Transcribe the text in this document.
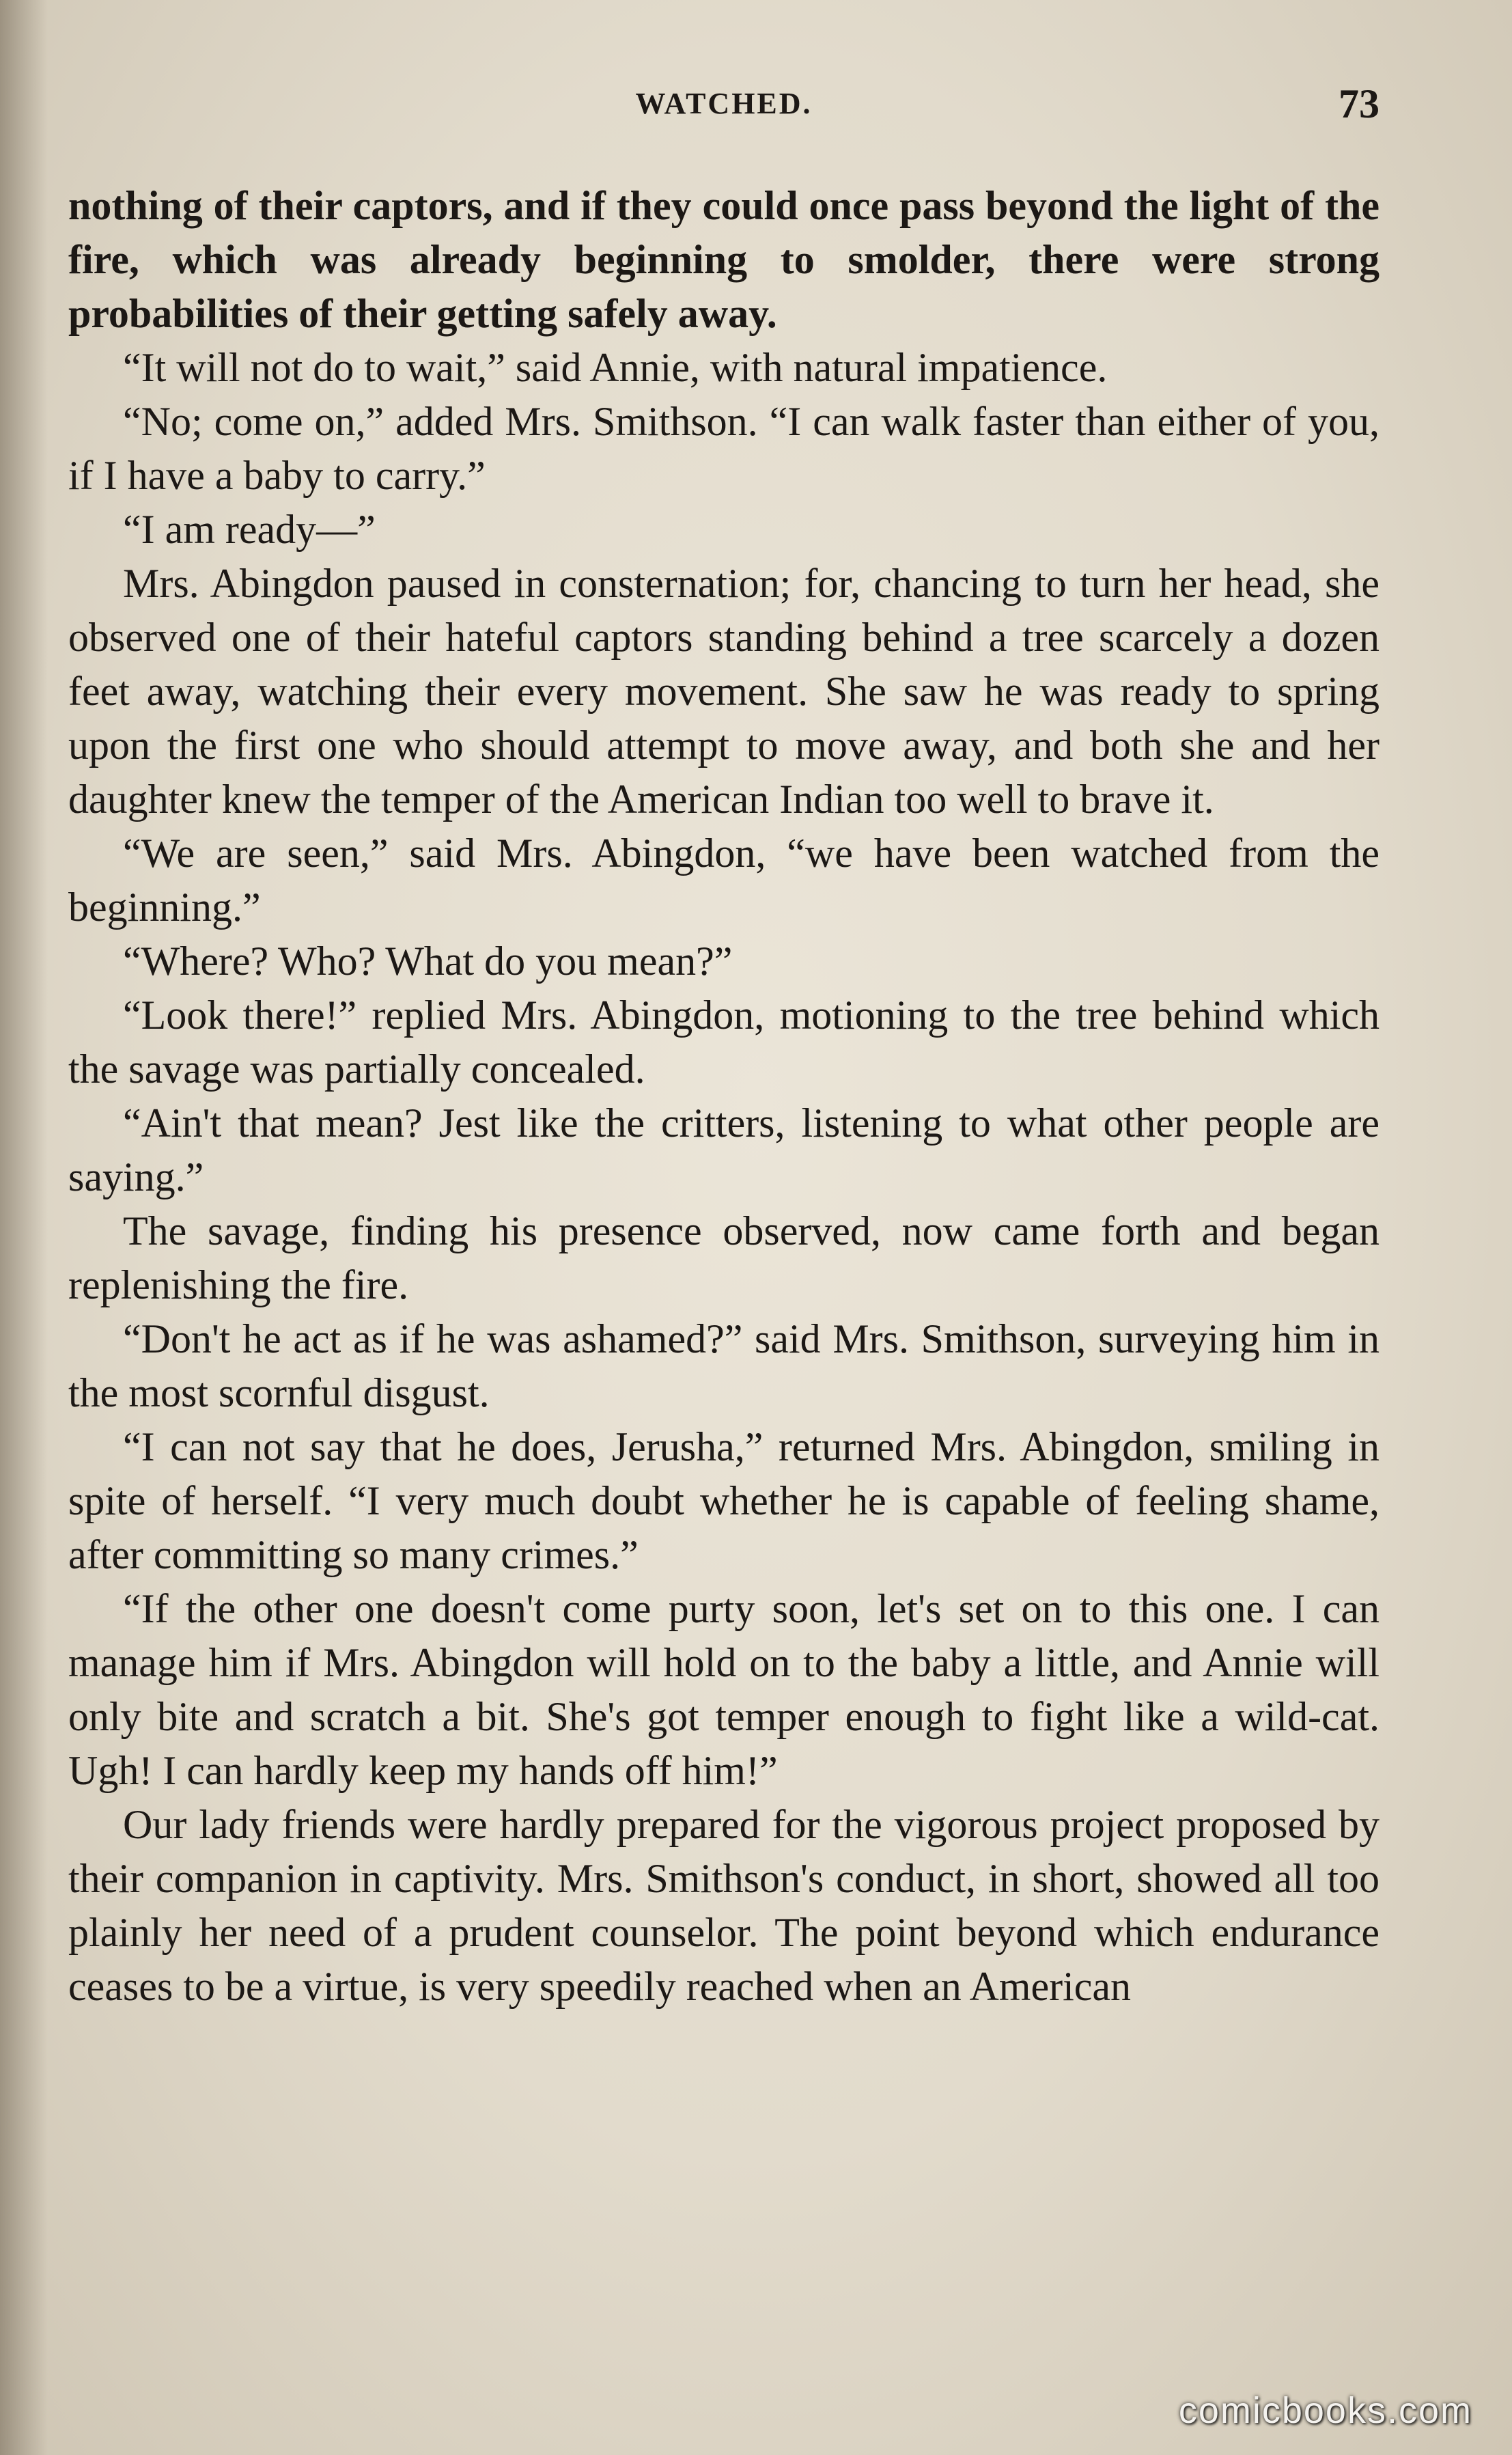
WATCHED.	73

nothing of their captors, and if they could once pass beyond the light of the fire, which was already beginning to smolder, there were strong probabilities of their getting safely away.

“It will not do to wait,” said Annie, with natural impatience.

“No; come on,” added Mrs. Smithson. “I can walk faster than either of you, if I have a baby to carry.”

“I am ready—”

Mrs. Abingdon paused in consternation; for, chancing to turn her head, she observed one of their hateful captors standing behind a tree scarcely a dozen feet away, watching their every movement. She saw he was ready to spring upon the first one who should attempt to move away, and both she and her daughter knew the temper of the American Indian too well to brave it.

“We are seen,” said Mrs. Abingdon, “we have been watched from the beginning.”

“Where? Who? What do you mean?”

“Look there!” replied Mrs. Abingdon, motioning to the tree behind which the savage was partially concealed.

“Ain't that mean? Jest like the critters, listening to what other people are saying.”

The savage, finding his presence observed, now came forth and began replenishing the fire.

“Don't he act as if he was ashamed?” said Mrs. Smithson, surveying him in the most scornful disgust.

“I can not say that he does, Jerusha,” returned Mrs. Abingdon, smiling in spite of herself. “I very much doubt whether he is capable of feeling shame, after committing so many crimes.”

“If the other one doesn't come purty soon, let's set on to this one. I can manage him if Mrs. Abingdon will hold on to the baby a little, and Annie will only bite and scratch a bit. She's got temper enough to fight like a wild-cat. Ugh! I can hardly keep my hands off him!”

Our lady friends were hardly prepared for the vigorous project proposed by their companion in captivity. Mrs. Smithson's conduct, in short, showed all too plainly her need of a prudent counselor. The point beyond which endurance ceases to be a virtue, is very speedily reached when an American

comicbooks.com
